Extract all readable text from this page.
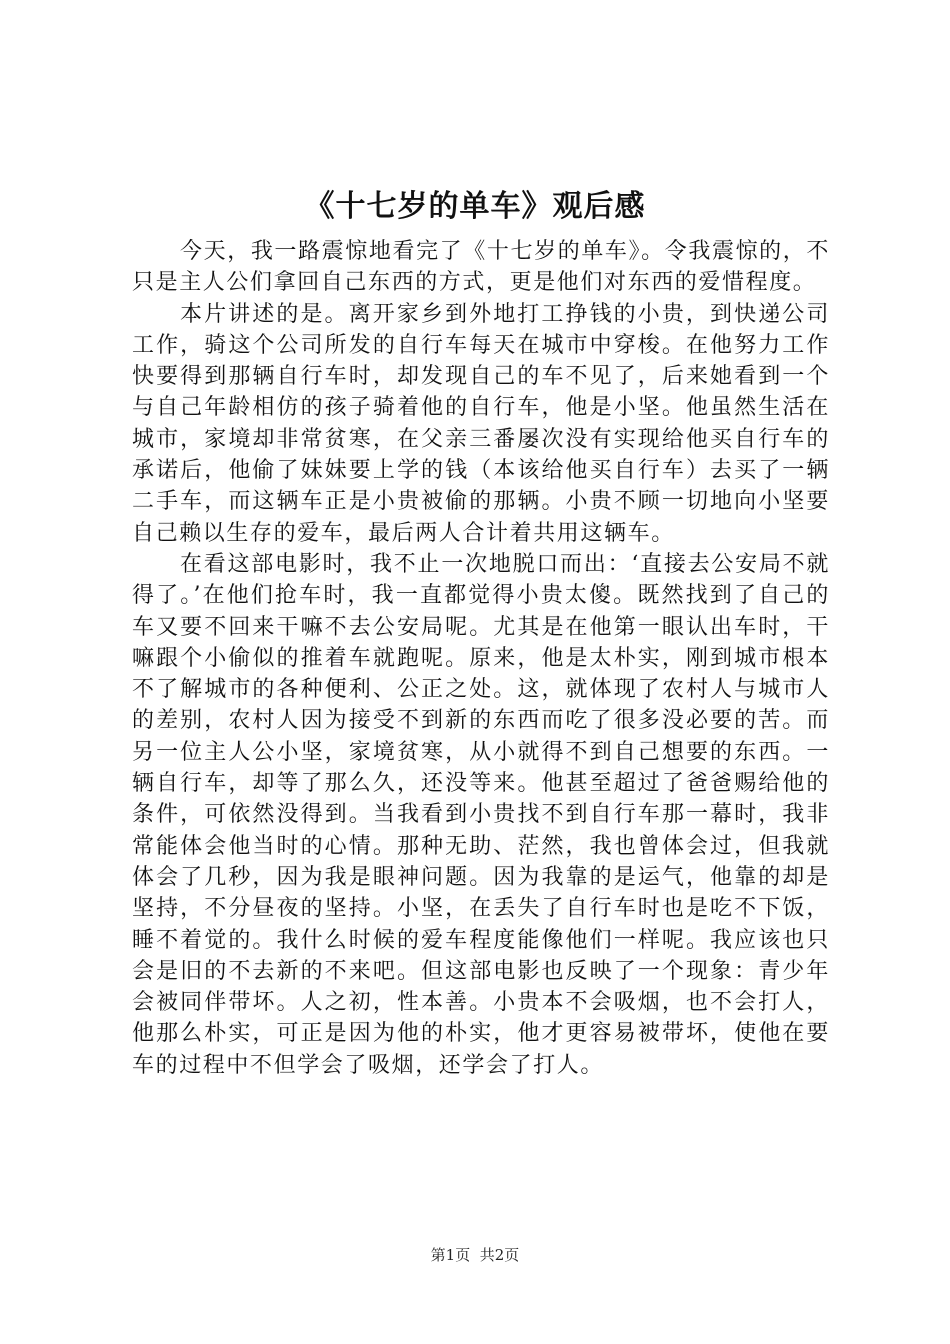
《十七岁的单车》观后感

今天，我一路震惊地看完了《十七岁的单车》。令我震惊的，不只是主人公们拿回自己东西的方式，更是他们对东西的爱惜程度。

本片讲述的是。离开家乡到外地打工挣钱的小贵，到快递公司工作，骑这个公司所发的自行车每天在城市中穿梭。在他努力工作快要得到那辆自行车时，却发现自己的车不见了，后来她看到一个与自己年龄相仿的孩子骑着他的自行车，他是小坚。他虽然生活在城市，家境却非常贫寒，在父亲三番屡次没有实现给他买自行车的承诺后，他偷了妹妹要上学的钱（本该给他买自行车）去买了一辆二手车，而这辆车正是小贵被偷的那辆。小贵不顾一切地向小坚要自己赖以生存的爱车，最后两人合计着共用这辆车。

在看这部电影时，我不止一次地脱口而出：‘直接去公安局不就得了。’在他们抢车时，我一直都觉得小贵太傻。既然找到了自己的车又要不回来干嘛不去公安局呢。尤其是在他第一眼认出车时，干嘛跟个小偷似的推着车就跑呢。原来，他是太朴实，刚到城市根本不了解城市的各种便利、公正之处。这，就体现了农村人与城市人的差别，农村人因为接受不到新的东西而吃了很多没必要的苦。而另一位主人公小坚，家境贫寒，从小就得不到自己想要的东西。一辆自行车，却等了那么久，还没等来。他甚至超过了爸爸赐给他的条件，可依然没得到。当我看到小贵找不到自行车那一幕时，我非常能体会他当时的心情。那种无助、茫然，我也曾体会过，但我就体会了几秒，因为我是眼神问题。因为我靠的是运气，他靠的却是坚持，不分昼夜的坚持。小坚，在丢失了自行车时也是吃不下饭，睡不着觉的。我什么时候的爱车程度能像他们一样呢。我应该也只会是旧的不去新的不来吧。但这部电影也反映了一个现象：青少年会被同伴带坏。人之初，性本善。小贵本不会吸烟，也不会打人，他那么朴实，可正是因为他的朴实，他才更容易被带坏，使他在要车的过程中不但学会了吸烟，还学会了打人。

第1页 共2页
